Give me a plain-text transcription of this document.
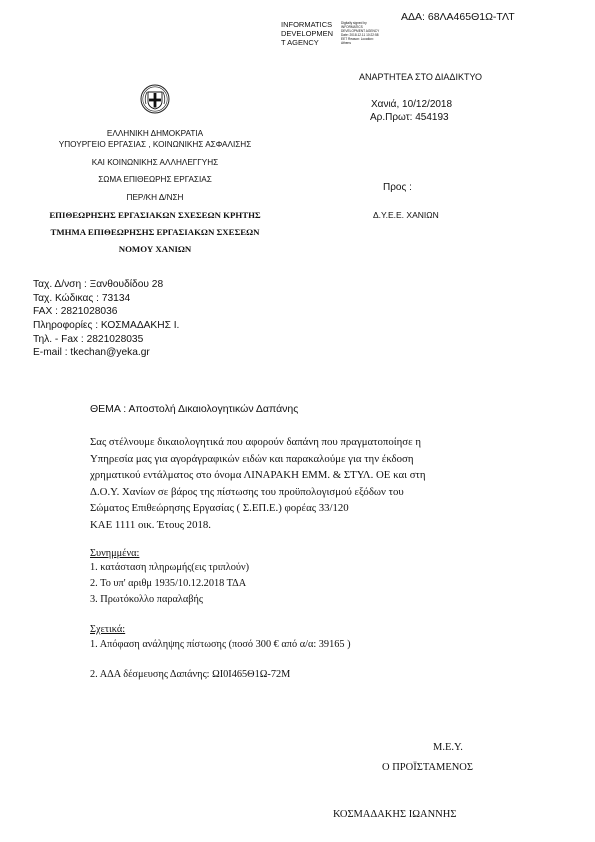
ΑΔΑ: 68ΛΑ465Θ1Ω-ΤΛΤ
INFORMATICS
DEVELOPMEN
T AGENCY
Digitally signed by INFORMATICS DEVELOPMENT AGENCY Date: 2018.12.11 10:22:58 EET Reason: Location: Athens
ΑΝΑΡΤΗΤΕΑ ΣΤΟ ΔΙΑΔΙΚΤΥΟ
Χανιά, 10/12/2018
Αρ.Πρωτ: 454193
ΕΛΛΗΝΙΚΗ ΔΗΜΟΚΡΑΤΙΑ
ΥΠΟΥΡΓΕΙΟ ΕΡΓΑΣΙΑΣ , ΚΟΙΝΩΝΙΚΗΣ ΑΣΦΑΛΙΣΗΣ
ΚΑΙ ΚΟΙΝΩΝΙΚΗΣ ΑΛΛΗΛΕΓΓΥΗΣ
ΣΩΜΑ ΕΠΙΘΕΩΡΗΣ ΕΡΓΑΣΙΑΣ
ΠΕΡ/ΚΗ Δ/ΝΣΗ
ΕΠΙΘΕΩΡΗΣΗΣ ΕΡΓΑΣΙΑΚΩΝ ΣΧΕΣΕΩΝ ΚΡΗΤΗΣ
ΤΜΗΜΑ ΕΠΙΘΕΩΡΗΣΗΣ ΕΡΓΑΣΙΑΚΩΝ ΣΧΕΣΕΩΝ
ΝΟΜΟΥ ΧΑΝΙΩΝ
Προς :
Δ.Υ.Ε.Ε. ΧΑΝΙΩΝ
Ταχ. Δ/νση : Ξανθουδίδου 28
Ταχ. Κώδικας : 73134
FAX : 2821028036
Πληροφορίες : ΚΟΣΜΑΔΑΚΗΣ Ι.
Τηλ. - Fax : 2821028035
E-mail : tkechan@yeka.gr
ΘΕΜΑ : Αποστολή Δικαιολογητικών Δαπάνης
Σας στέλνουμε δικαιολογητικά που αφορούν δαπάνη που πραγματοποίησε η
Υπηρεσία μας για αγοράγραφικών ειδών και παρακαλούμε για την έκδοση
χρηματικού εντάλματος στο όνομα ΛΙΝΑΡΑΚΗ ΕΜΜ. & ΣΤΥΛ. ΟΕ και στη
Δ.Ο.Υ. Χανίων σε βάρος της πίστωσης του προϋπολογισμού εξόδων του
Σώματος Επιθεώρησης Εργασίας ( Σ.ΕΠ.Ε.) φορέας 33/120
ΚΑΕ 1111 οικ. Έτους 2018.
Συνημμένα:
1. κατάσταση πληρωμής(εις τριπλούν)
2. Το υπ' αριθμ 1935/10.12.2018 ΤΔΑ
3. Πρωτόκολλο παραλαβής
Σχετικά:
1. Απόφαση ανάληψης πίστωσης (ποσό 300 € από α/α: 39165 )
2. ΑΔΑ δέσμευσης Δαπάνης: ΩΙ0Ι465Θ1Ω-72Μ
Μ.Ε.Υ.
Ο ΠΡΟΪΣΤΑΜΕΝΟΣ
ΚΟΣΜΑΔΑΚΗΣ ΙΩΑΝΝΗΣ
